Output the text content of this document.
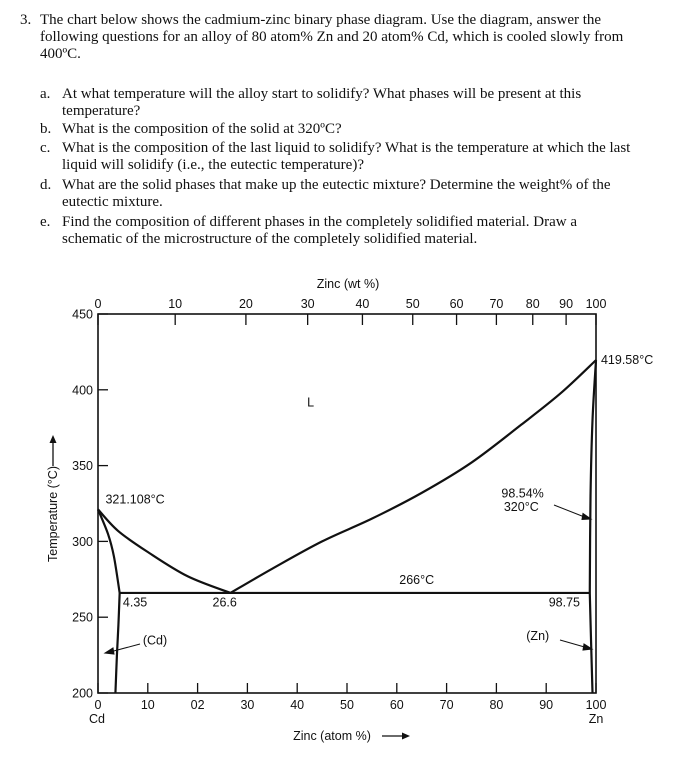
3. The chart below shows the cadmium-zinc binary phase diagram. Use the diagram, answer the following questions for an alloy of 80 atom% Zn and 20 atom% Cd, which is cooled slowly from 400ºC.
a. At what temperature will the alloy start to solidify? What phases will be present at this temperature?
b. What is the composition of the solid at 320ºC?
c. What is the composition of the last liquid to solidify? What is the temperature at which the last liquid will solidify (i.e., the eutectic temperature)?
d. What are the solid phases that make up the eutectic mixture? Determine the weight% of the eutectic mixture.
e. Find the composition of different phases in the completely solidified material. Draw a schematic of the microstructure of the completely solidified material.
Zinc (wt %)
Zinc (atom %)
Temperature (°C)
200
250
300
350
400
450
0	10	02	30	40	50	60	70	80	90	100
0	10	20	30	40	50 60 70 80 90 100
Cd	Zn
L
321.108°C
419.58°C
98.54%
320°C
266°C
4.35	26.6	98.75
(Cd)	(Zn)
